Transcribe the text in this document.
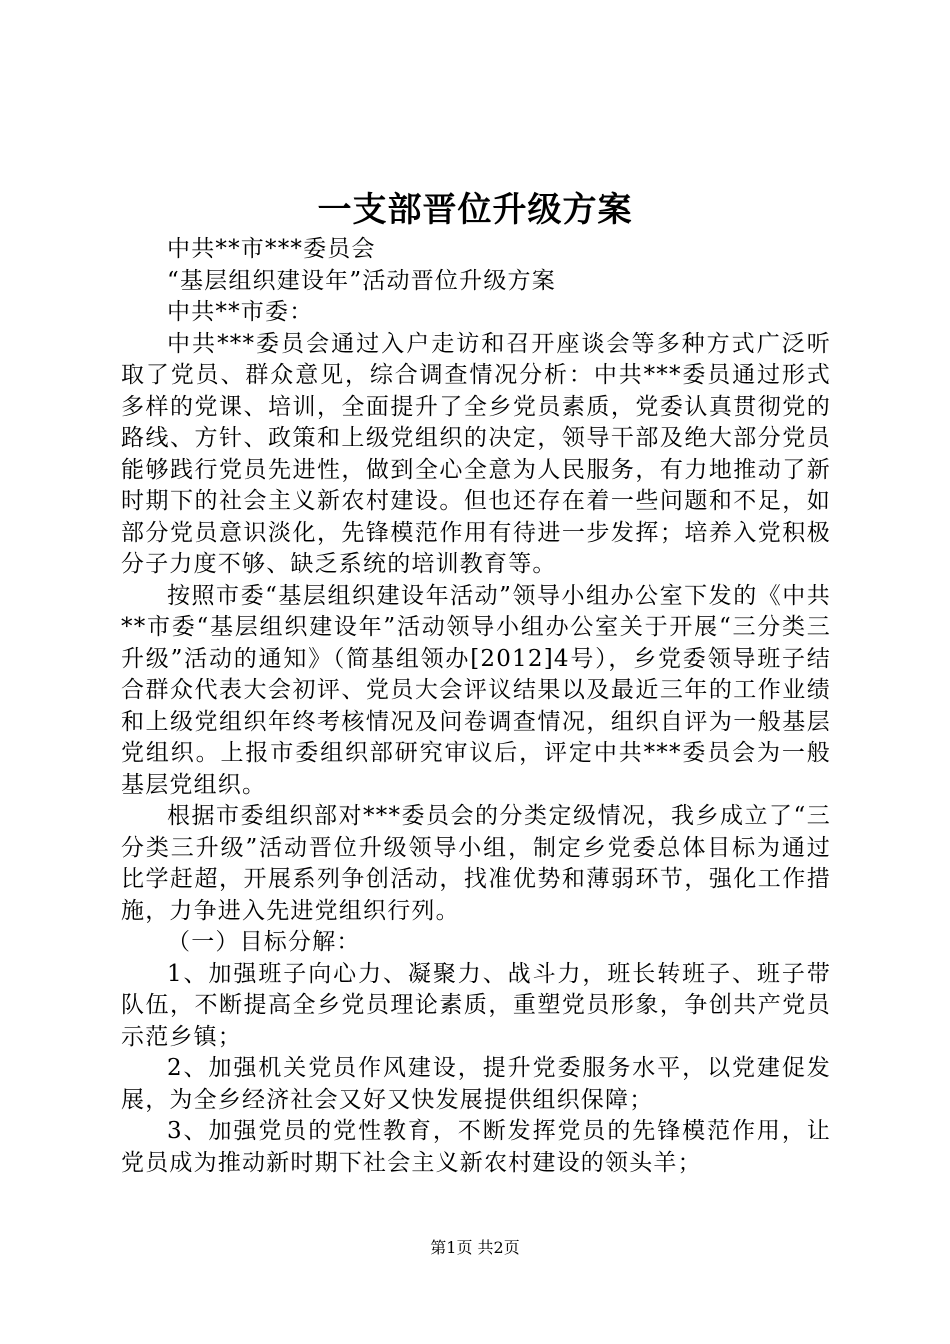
一支部晋位升级方案

中共**市***委员会

“基层组织建设年”活动晋位升级方案

中共**市委：

中共***委员会通过入户走访和召开座谈会等多种方式广泛听取了党员、群众意见，综合调查情况分析：中共***委员通过形式多样的党课、培训，全面提升了全乡党员素质，党委认真贯彻党的路线、方针、政策和上级党组织的决定，领导干部及绝大部分党员能够践行党员先进性，做到全心全意为人民服务，有力地推动了新时期下的社会主义新农村建设。但也还存在着一些问题和不足，如部分党员意识淡化，先锋模范作用有待进一步发挥；培养入党积极分子力度不够、缺乏系统的培训教育等。

按照市委“基层组织建设年活动”领导小组办公室下发的《中共**市委“基层组织建设年”活动领导小组办公室关于开展“三分类三升级”活动的通知》（简基组领办[2012]4号），乡党委领导班子结合群众代表大会初评、党员大会评议结果以及最近三年的工作业绩和上级党组织年终考核情况及问卷调查情况，组织自评为一般基层党组织。上报市委组织部研究审议后，评定中共***委员会为一般基层党组织。

根据市委组织部对***委员会的分类定级情况，我乡成立了“三分类三升级”活动晋位升级领导小组，制定乡党委总体目标为通过比学赶超，开展系列争创活动，找准优势和薄弱环节，强化工作措施，力争进入先进党组织行列。

（一）目标分解：

1、加强班子向心力、凝聚力、战斗力，班长转班子、班子带队伍，不断提高全乡党员理论素质，重塑党员形象，争创共产党员示范乡镇；

2、加强机关党员作风建设，提升党委服务水平，以党建促发展，为全乡经济社会又好又快发展提供组织保障；

3、加强党员的党性教育，不断发挥党员的先锋模范作用，让党员成为推动新时期下社会主义新农村建设的领头羊；

第1页 共2页
